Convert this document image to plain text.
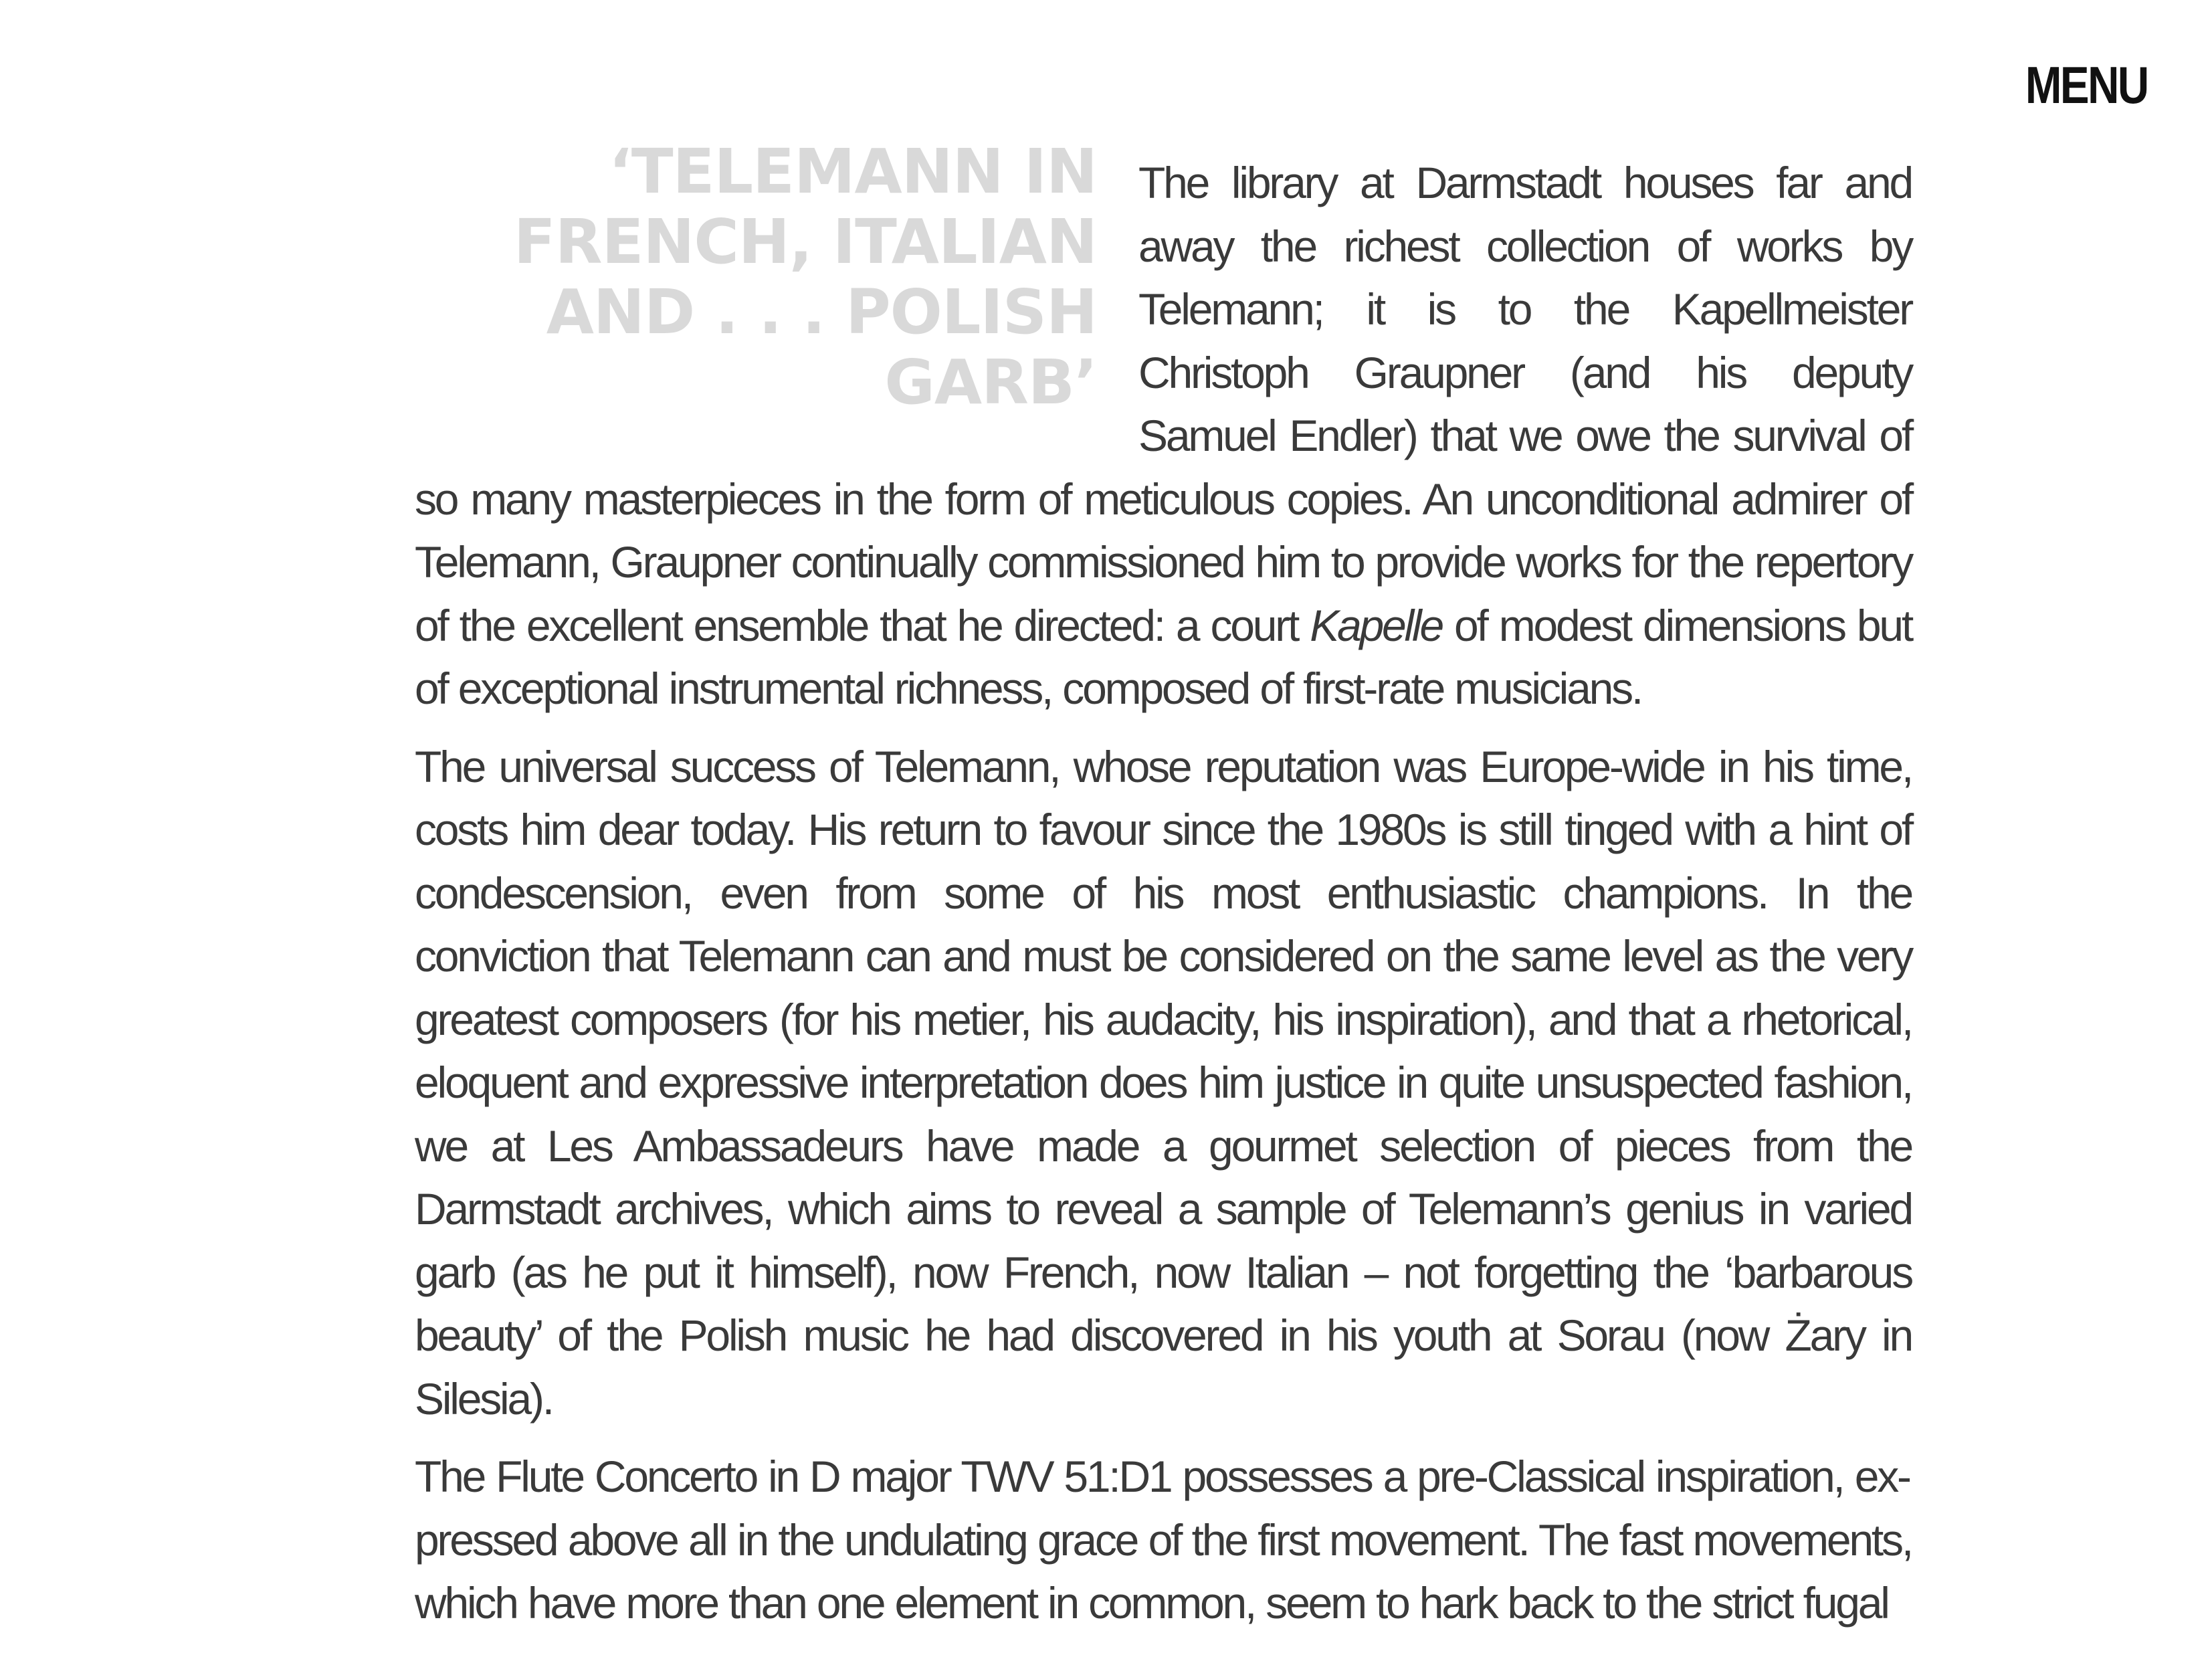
MENU
‘TELEMANN IN
FRENCH, ITALIAN
AND . . . POLISH
GARB’

The library at Darmstadt houses far and away the richest collection of works by Telemann; it is to the Kapellmeister Christoph Graupner (and his deputy Samuel Endler) that we owe the survival of so many masterpieces in the form of meticulous copies. An unconditional admirer of Telemann, Graupner continually commissioned him to provide works for the repertory of the excellent ensemble that he directed: a court Kapelle of modest dimensions but of exceptional instrumental richness, composed of first-rate musicians.

The universal success of Telemann, whose reputation was Europe-wide in his time, costs him dear today. His return to favour since the 1980s is still tinged with a hint of condescension, even from some of his most enthusiastic champions. In the conviction that Telemann can and must be considered on the same level as the very greatest composers (for his metier, his audacity, his inspiration), and that a rhetorical, eloquent and expressive interpretation does him justice in quite unsuspected fashion, we at Les Ambassadeurs have made a gourmet selection of pieces from the Darmstadt archives, which aims to reveal a sample of Telemann’s genius in varied garb (as he put it himself), now French, now Italian – not forgetting the ‘barbarous beauty’ of the Polish music he had discovered in his youth at Sorau (now Żary in Silesia).

The Flute Concerto in D major TWV 51:D1 possesses a pre-Classical inspiration, expressed above all in the undulating grace of the first movement. The fast movements, which have more than one element in common, seem to hark back to the strict fugal
